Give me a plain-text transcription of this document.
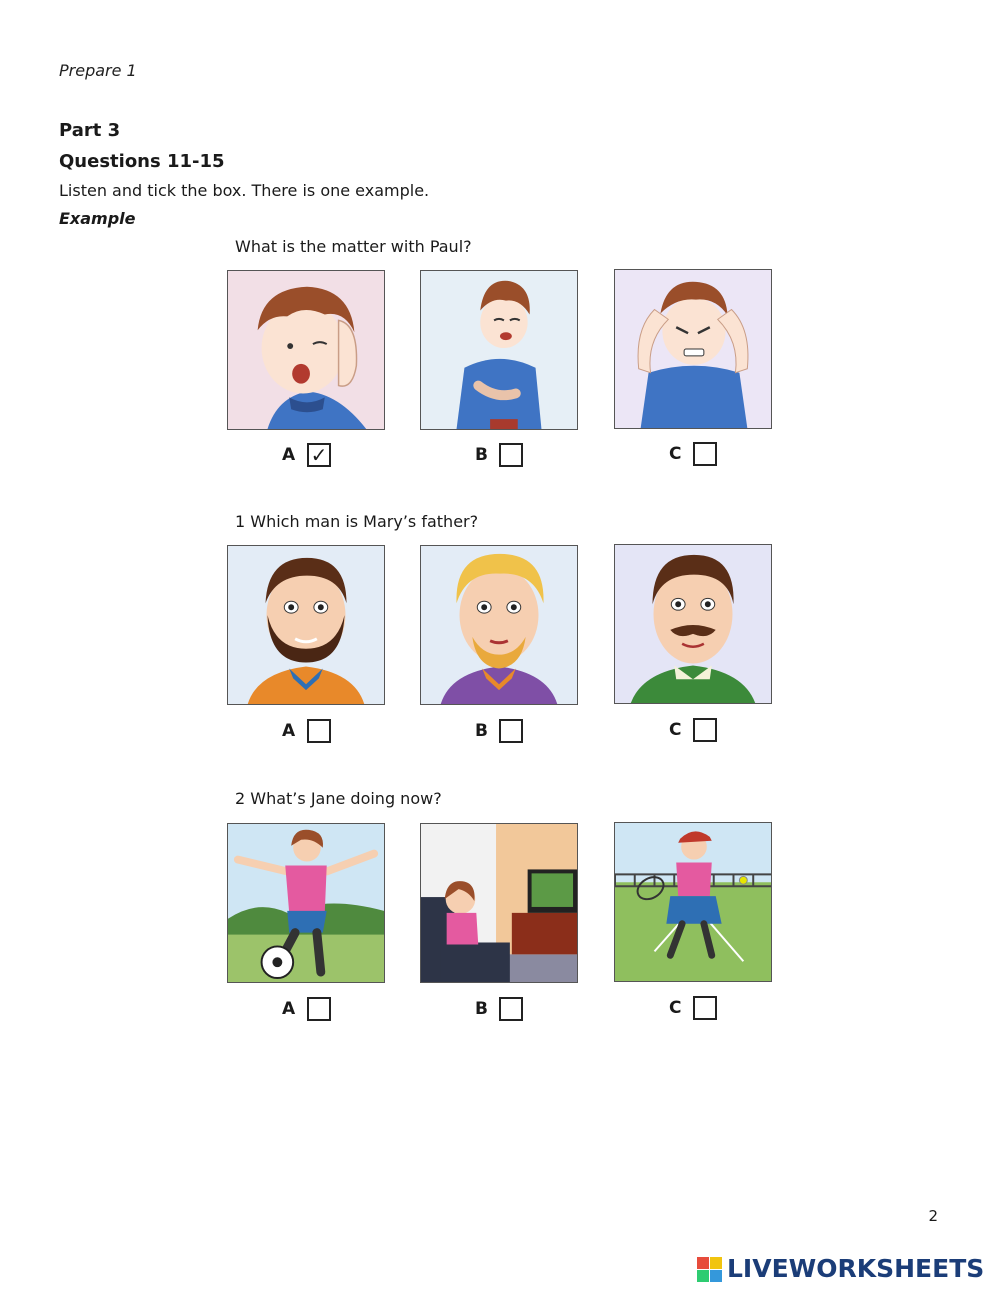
Prepare 1
Part 3
Questions 11-15
Listen and tick the box. There is one example.
Example
What is the matter with Paul?
A ✓	B	C
1 Which man is Mary’s father?
A	B	C
2 What’s Jane doing now?
A	B	C
2
LIVEWORKSHEETS
